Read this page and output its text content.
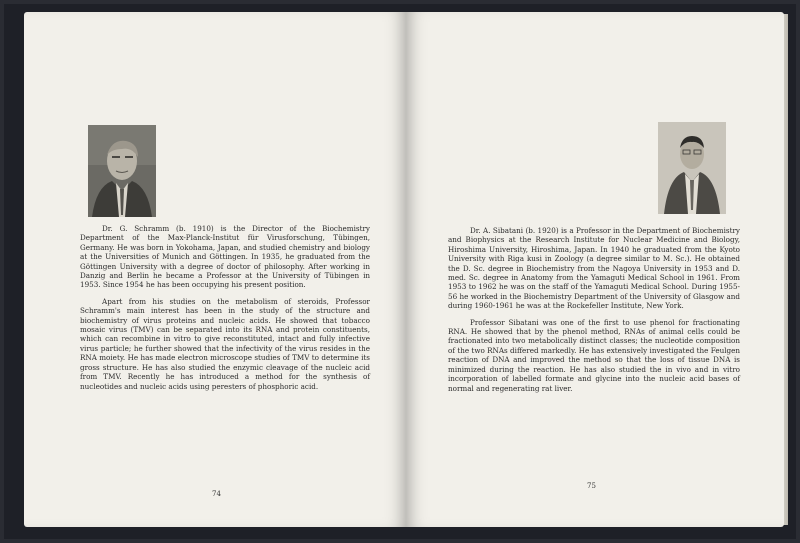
Dr. G. Schramm (b. 1910) is the Director of the Biochemistry Department of the Max-Planck-Institut für Virusforschung, Tübingen, Germany. He was born in Yokohama, Japan, and studied chemistry and biology at the Universities of Munich and Göttingen. In 1935, he graduated from the Göttingen University with a degree of doctor of philosophy. After working in Danzig and Berlin he became a Professor at the University of Tübingen in 1953. Since 1954 he has been occupying his present position.

Apart from his studies on the metabolism of steroids, Professor Schramm's main interest has been in the study of the structure and biochemistry of virus proteins and nucleic acids. He showed that tobacco mosaic virus (TMV) can be separated into its RNA and protein constituents, which can recombine in vitro to give reconstituted, intact and fully infective virus particle; he further showed that the infectivity of the virus resides in the RNA moiety. He has made electron microscope studies of TMV to determine its gross structure. He has also studied the enzymic cleavage of the nucleic acid from TMV. Recently he has introduced a method for the synthesis of nucleotides and nucleic acids using peresters of phosphoric acid.

74

Dr. A. Sibatani (b. 1920) is a Professor in the Department of Biochemistry and Biophysics at the Research Institute for Nuclear Medicine and Biology, Hiroshima University, Hiroshima, Japan. In 1940 he graduated from the Kyoto University with Riga kusi in Zoology (a degree similar to M. Sc.). He obtained the D. Sc. degree in Biochemistry from the Nagoya University in 1953 and D. med. Sc. degree in Anatomy from the Yamaguti Medical School in 1961. From 1953 to 1962 he was on the staff of the Yamaguti Medical School. During 1955-56 he worked in the Biochemistry Department of the University of Glasgow and during 1960-1961 he was at the Rockefeller Institute, New York.

Professor Sibatani was one of the first to use phenol for fractionating RNA. He showed that by the phenol method, RNAs of animal cells could be fractionated into two metabolically distinct classes; the nucleotide composition of the two RNAs differed markedly. He has extensively investigated the Feulgen reaction of DNA and improved the method so that the loss of tissue DNA is minimized during the reaction. He has also studied the in vivo and in vitro incorporation of labelled formate and glycine into the nucleic acid bases of normal and regenerating rat liver.

75
